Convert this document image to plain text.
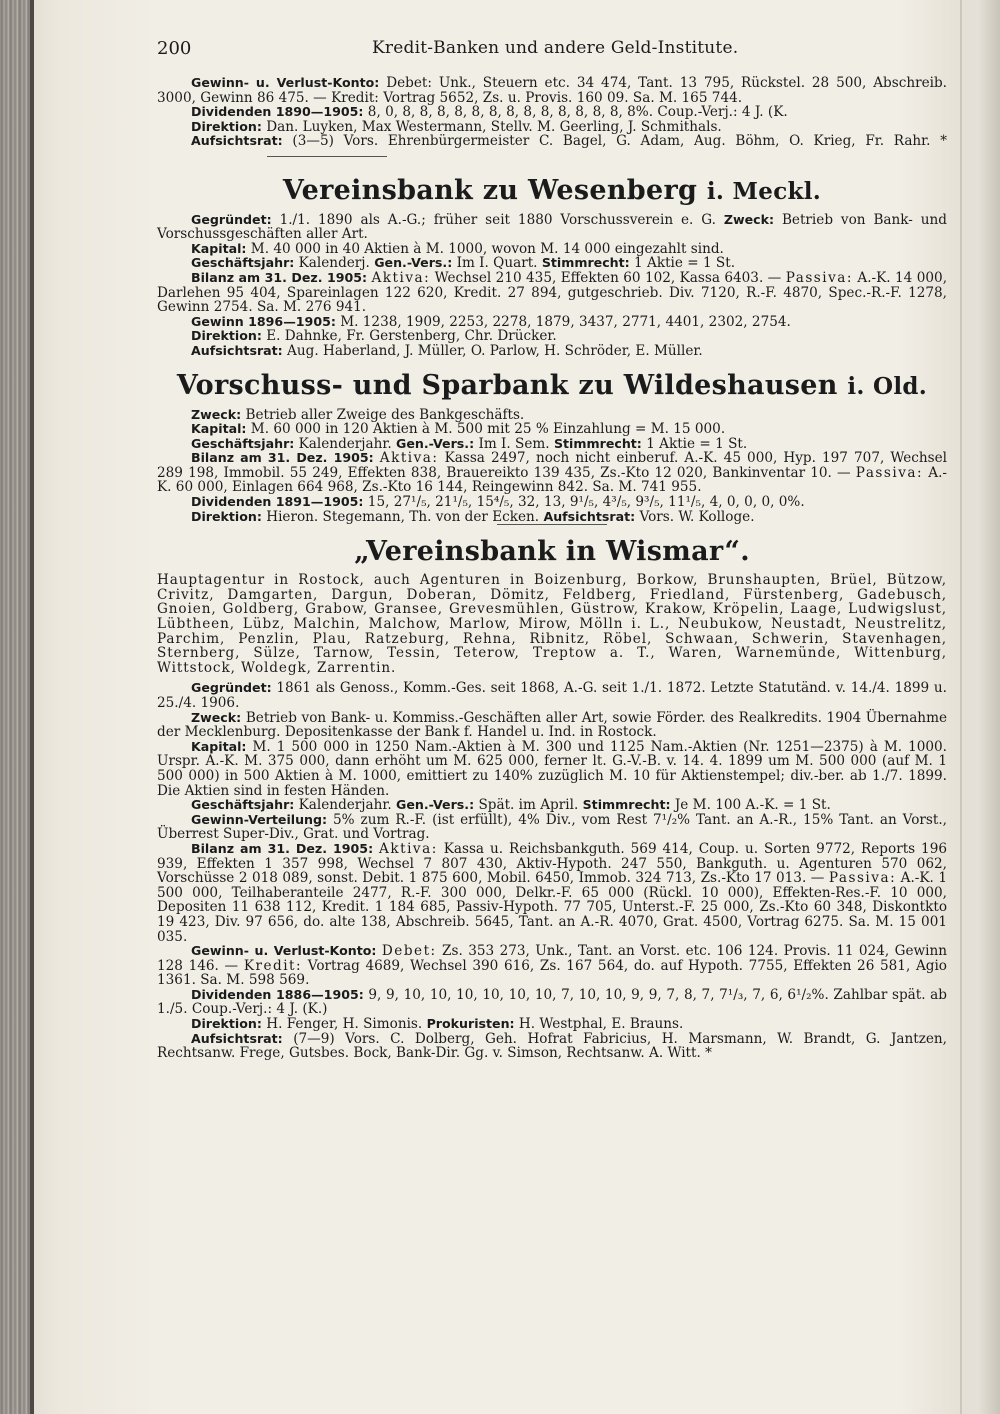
200	Kredit-Banken und andere Geld-Institute.

Gewinn- u. Verlust-Konto: Debet: Unk., Steuern etc. 34 474, Tant. 13 795, Rückstel. 28 500, Abschreib. 3000, Gewinn 86 475. — Kredit: Vortrag 5652, Zs. u. Provis. 160 09. Sa. M. 165 744.

Dividenden 1890—1905: 8, 0, 8, 8, 8, 8, 8, 8, 8, 8, 8, 8, 8, 8, 8, 8%. Coup.-Verj.: 4 J. (K.

Direktion: Dan. Luyken, Max Westermann, Stellv. M. Geerling, J. Schmithals.

Aufsichtsrat: (3—5) Vors. Ehrenbürgermeister C. Bagel, G. Adam, Aug. Böhm, O. Krieg, Fr. Rahr. *

Vereinsbank zu Wesenberg i. Meckl.

Gegründet: 1./1. 1890 als A.-G.; früher seit 1880 Vorschussverein e. G. Zweck: Betrieb von Bank- und Vorschussgeschäften aller Art.

Kapital: M. 40 000 in 40 Aktien à M. 1000, wovon M. 14 000 eingezahlt sind.

Geschäftsjahr: Kalenderj. Gen.-Vers.: Im I. Quart. Stimmrecht: 1 Aktie = 1 St.

Bilanz am 31. Dez. 1905: Aktiva: Wechsel 210 435, Effekten 60 102, Kassa 6403. — Passiva: A.-K. 14 000, Darlehen 95 404, Spareinlagen 122 620, Kredit. 27 894, gutgeschrieb. Div. 7120, R.-F. 4870, Spec.-R.-F. 1278, Gewinn 2754. Sa. M. 276 941.

Gewinn 1896—1905: M. 1238, 1909, 2253, 2278, 1879, 3437, 2771, 4401, 2302, 2754.

Direktion: E. Dahnke, Fr. Gerstenberg, Chr. Drücker.

Aufsichtsrat: Aug. Haberland, J. Müller, O. Parlow, H. Schröder, E. Müller.

Vorschuss- und Sparbank zu Wildeshausen i. Old.

Zweck: Betrieb aller Zweige des Bankgeschäfts.

Kapital: M. 60 000 in 120 Aktien à M. 500 mit 25 % Einzahlung = M. 15 000.

Geschäftsjahr: Kalenderjahr. Gen.-Vers.: Im I. Sem. Stimmrecht: 1 Aktie = 1 St.

Bilanz am 31. Dez. 1905: Aktiva: Kassa 2497, noch nicht einberuf. A.-K. 45 000, Hyp. 197 707, Wechsel 289 198, Immobil. 55 249, Effekten 838, Brauereikto 139 435, Zs.-Kto 12 020, Bankinventar 10. — Passiva: A.-K. 60 000, Einlagen 664 968, Zs.-Kto 16 144, Reingewinn 842. Sa. M. 741 955.

Dividenden 1891—1905: 15, 27¹/₅, 21¹/₅, 15⁴/₅, 32, 13, 9¹/₅, 4³/₅, 9³/₅, 11¹/₅, 4, 0, 0, 0, 0%.

Direktion: Hieron. Stegemann, Th. von der Ecken. Aufsichtsrat: Vors. W. Kolloge.

„Vereinsbank in Wismar“.

Hauptagentur in Rostock, auch Agenturen in Boizenburg, Borkow, Brunshaupten, Brüel, Bützow, Crivitz, Damgarten, Dargun, Doberan, Dömitz, Feldberg, Friedland, Fürstenberg, Gadebusch, Gnoien, Goldberg, Grabow, Gransee, Grevesmühlen, Güstrow, Krakow, Kröpelin, Laage, Ludwigslust, Lübtheen, Lübz, Malchin, Malchow, Marlow, Mirow, Mölln i. L., Neubukow, Neustadt, Neustrelitz, Parchim, Penzlin, Plau, Ratzeburg, Rehna, Ribnitz, Röbel, Schwaan, Schwerin, Stavenhagen, Sternberg, Sülze, Tarnow, Tessin, Teterow, Treptow a. T., Waren, Warnemünde, Wittenburg, Wittstock, Woldegk, Zarrentin.

Gegründet: 1861 als Genoss., Komm.-Ges. seit 1868, A.-G. seit 1./1. 1872. Letzte Statutänd. v. 14./4. 1899 u. 25./4. 1906.

Zweck: Betrieb von Bank- u. Kommiss.-Geschäften aller Art, sowie Förder. des Realkredits. 1904 Übernahme der Mecklenburg. Depositenkasse der Bank f. Handel u. Ind. in Rostock.

Kapital: M. 1 500 000 in 1250 Nam.-Aktien à M. 300 und 1125 Nam.-Aktien (Nr. 1251—2375) à M. 1000. Urspr. A.-K. M. 375 000, dann erhöht um M. 625 000, ferner lt. G.-V.-B. v. 14. 4. 1899 um M. 500 000 (auf M. 1 500 000) in 500 Aktien à M. 1000, emittiert zu 140% zuzüglich M. 10 für Aktienstempel; div.-ber. ab 1./7. 1899. Die Aktien sind in festen Händen.

Geschäftsjahr: Kalenderjahr. Gen.-Vers.: Spät. im April. Stimmrecht: Je M. 100 A.-K. = 1 St.

Gewinn-Verteilung: 5% zum R.-F. (ist erfüllt), 4% Div., vom Rest 7¹/₂% Tant. an A.-R., 15% Tant. an Vorst., Überrest Super-Div., Grat. und Vortrag.

Bilanz am 31. Dez. 1905: Aktiva: Kassa u. Reichsbankguth. 569 414, Coup. u. Sorten 9772, Reports 196 939, Effekten 1 357 998, Wechsel 7 807 430, Aktiv-Hypoth. 247 550, Bankguth. u. Agenturen 570 062, Vorschüsse 2 018 089, sonst. Debit. 1 875 600, Mobil. 6450, Immob. 324 713, Zs.-Kto 17 013. — Passiva: A.-K. 1 500 000, Teilhaberanteile 2477, R.-F. 300 000, Delkr.-F. 65 000 (Rückl. 10 000), Effekten-Res.-F. 10 000, Depositen 11 638 112, Kredit. 1 184 685, Passiv-Hypoth. 77 705, Unterst.-F. 25 000, Zs.-Kto 60 348, Diskontkto 19 423, Div. 97 656, do. alte 138, Abschreib. 5645, Tant. an A.-R. 4070, Grat. 4500, Vortrag 6275. Sa. M. 15 001 035.

Gewinn- u. Verlust-Konto: Debet: Zs. 353 273, Unk., Tant. an Vorst. etc. 106 124. Provis. 11 024, Gewinn 128 146. — Kredit: Vortrag 4689, Wechsel 390 616, Zs. 167 564, do. auf Hypoth. 7755, Effekten 26 581, Agio 1361. Sa. M. 598 569.

Dividenden 1886—1905: 9, 9, 10, 10, 10, 10, 10, 10, 7, 10, 10, 9, 9, 7, 8, 7, 7¹/₃, 7, 6, 6¹/₂%. Zahlbar spät. ab 1./5. Coup.-Verj.: 4 J. (K.)

Direktion: H. Fenger, H. Simonis. Prokuristen: H. Westphal, E. Brauns.

Aufsichtsrat: (7—9) Vors. C. Dolberg, Geh. Hofrat Fabricius, H. Marsmann, W. Brandt, G. Jantzen, Rechtsanw. Frege, Gutsbes. Bock, Bank-Dir. Gg. v. Simson, Rechtsanw. A. Witt. *
